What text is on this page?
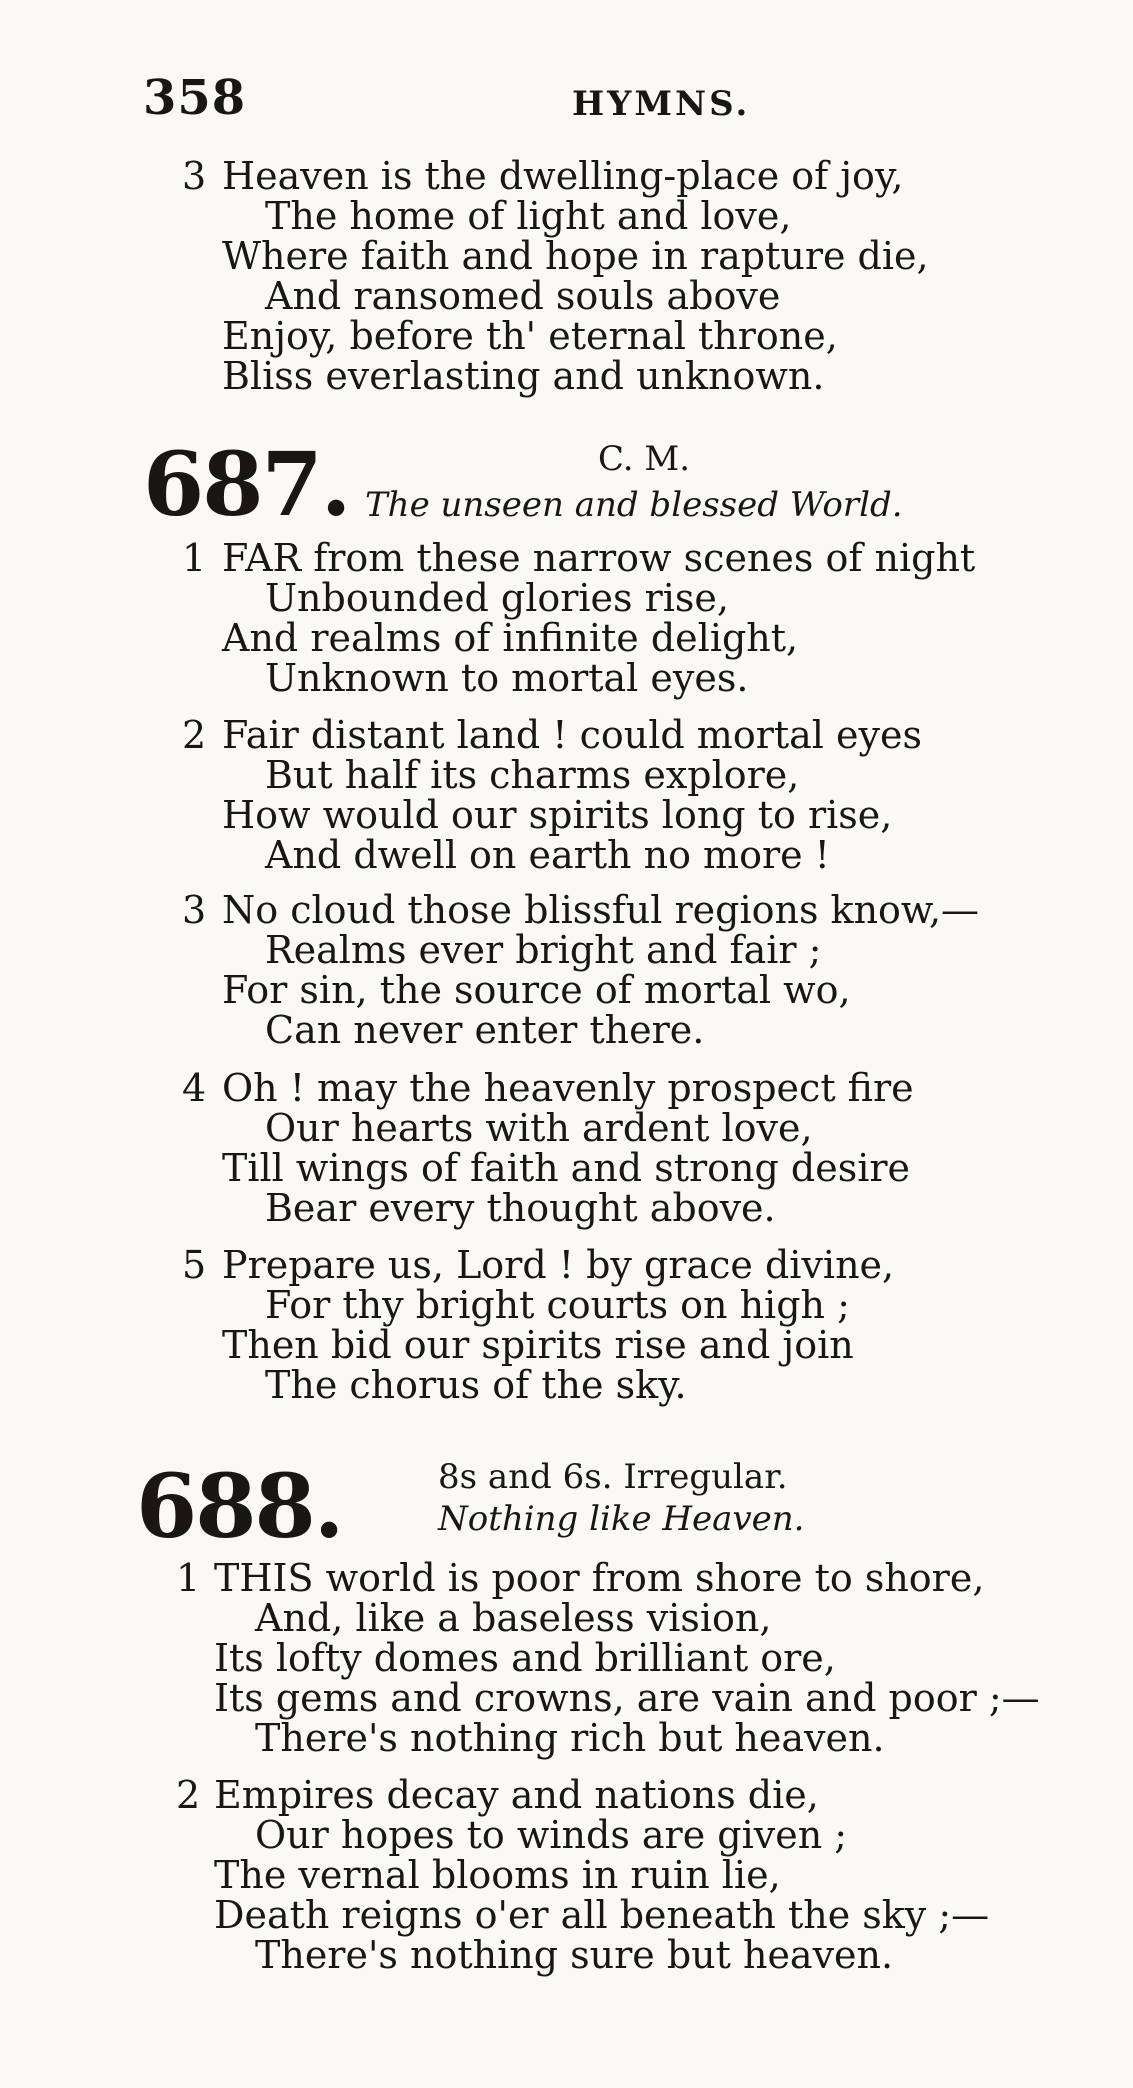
358	HYMNS.
3 Heaven is the dwelling-place of joy,
The home of light and love,
Where faith and hope in rapture die,
And ransomed souls above
Enjoy, before th' eternal throne,
Bliss everlasting and unknown.
687.	C. M.
The unseen and blessed World.
1 FAR from these narrow scenes of night
Unbounded glories rise,
And realms of infinite delight,
Unknown to mortal eyes.
2 Fair distant land ! could mortal eyes
But half its charms explore,
How would our spirits long to rise,
And dwell on earth no more !
3 No cloud those blissful regions know,—
Realms ever bright and fair ;
For sin, the source of mortal wo,
Can never enter there.
4 Oh ! may the heavenly prospect fire
Our hearts with ardent love,
Till wings of faith and strong desire
Bear every thought above.
5 Prepare us, Lord ! by grace divine,
For thy bright courts on high ;
Then bid our spirits rise and join
The chorus of the sky.
688.	8s and 6s. Irregular.
Nothing like Heaven.
1 THIS world is poor from shore to shore,
And, like a baseless vision,
Its lofty domes and brilliant ore,
Its gems and crowns, are vain and poor ;—
There's nothing rich but heaven.
2 Empires decay and nations die,
Our hopes to winds are given ;
The vernal blooms in ruin lie,
Death reigns o'er all beneath the sky ;—
There's nothing sure but heaven.
